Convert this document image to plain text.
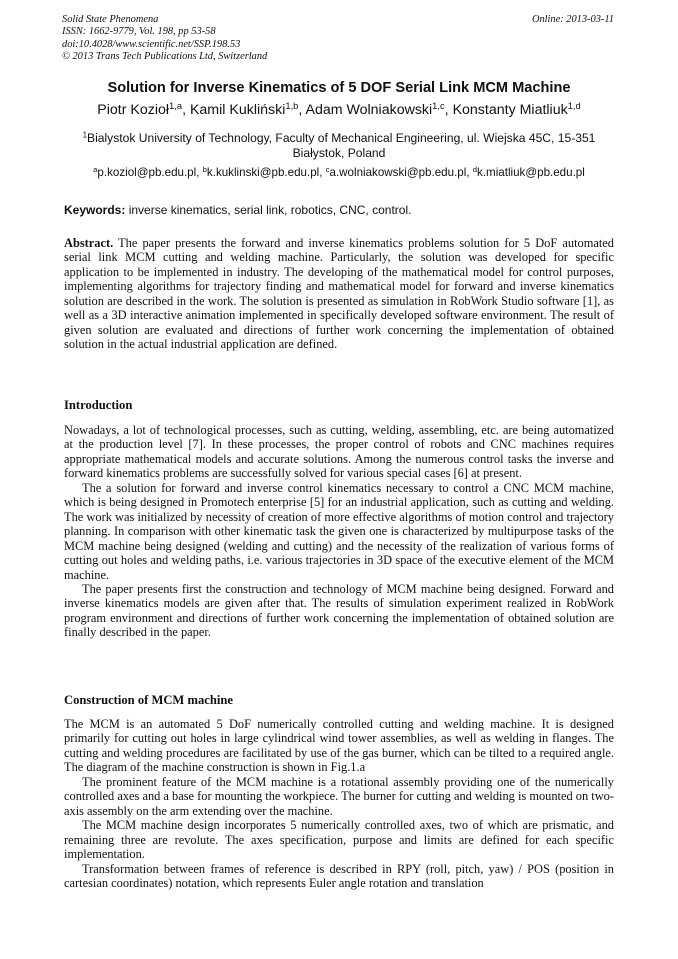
Solid State Phenomena
ISSN: 1662-9779, Vol. 198, pp 53-58
doi:10.4028/www.scientific.net/SSP.198.53
© 2013 Trans Tech Publications Ltd, Switzerland
Online: 2013-03-11
Solution for Inverse Kinematics of 5 DOF Serial Link MCM Machine
Piotr Kozioł$^{1,a}$, Kamil Kukliński$^{1,b}$, Adam Wolniakowski$^{1,c}$, Konstanty Miatliuk$^{1,d}$
$^1$Bialystok University of Technology, Faculty of Mechanical Engineering, ul. Wiejska 45C, 15-351 Białystok, Poland
$^a$p.koziol@pb.edu.pl, $^b$k.kuklinski@pb.edu.pl, $^c$a.wolniakowski@pb.edu.pl, $^d$k.miatliuk@pb.edu.pl
Keywords: inverse kinematics, serial link, robotics, CNC, control.

Abstract. The paper presents the forward and inverse kinematics problems solution for 5 DoF automated serial link MCM cutting and welding machine. Particularly, the solution was developed for specific application to be implemented in industry. The developing of the mathematical model for control purposes, implementing algorithms for trajectory finding and mathematical model for forward and inverse kinematics solution are described in the work. The solution is presented as simulation in RobWork Studio software [1], as well as a 3D interactive animation implemented in specifically developed software environment. The result of given solution are evaluated and directions of further work concerning the implementation of obtained solution in the actual industrial application are defined.

Introduction

Nowadays, a lot of technological processes, such as cutting, welding, assembling, etc. are being automatized at the production level [7]. In these processes, the proper control of robots and CNC machines requires appropriate mathematical models and accurate solutions. Among the numerous control tasks the inverse and forward kinematics problems are successfully solved for various special cases [6] at present.

The a solution for forward and inverse control kinematics necessary to control a CNC MCM machine, which is being designed in Promotech enterprise [5] for an industrial application, such as cutting and welding. The work was initialized by necessity of creation of more effective algorithms of motion control and trajectory planning. In comparison with other kinematic task the given one is characterized by multipurpose tasks of the MCM machine being designed (welding and cutting) and the necessity of the realization of various forms of cutting out holes and welding paths, i.e. various trajectories in 3D space of the executive element of the MCM machine.

The paper presents first the construction and technology of MCM machine being designed. Forward and inverse kinematics models are given after that. The results of simulation experiment realized in RobWork program environment and directions of further work concerning the implementation of obtained solution are finally described in the paper.

Construction of MCM machine

The MCM is an automated 5 DoF numerically controlled cutting and welding machine. It is designed primarily for cutting out holes in large cylindrical wind tower assemblies, as well as welding in flanges. The cutting and welding procedures are facilitated by use of the gas burner, which can be tilted to a required angle. The diagram of the machine construction is shown in Fig.1.a

The prominent feature of the MCM machine is a rotational assembly providing one of the numerically controlled axes and a base for mounting the workpiece. The burner for cutting and welding is mounted on two-axis assembly on the arm extending over the machine.

The MCM machine design incorporates 5 numerically controlled axes, two of which are prismatic, and remaining three are revolute. The axes specification, purpose and limits are defined for each specific implementation.

Transformation between frames of reference is described in RPY (roll, pitch, yaw) / POS (position in cartesian coordinates) notation, which represents Euler angle rotation and translation
